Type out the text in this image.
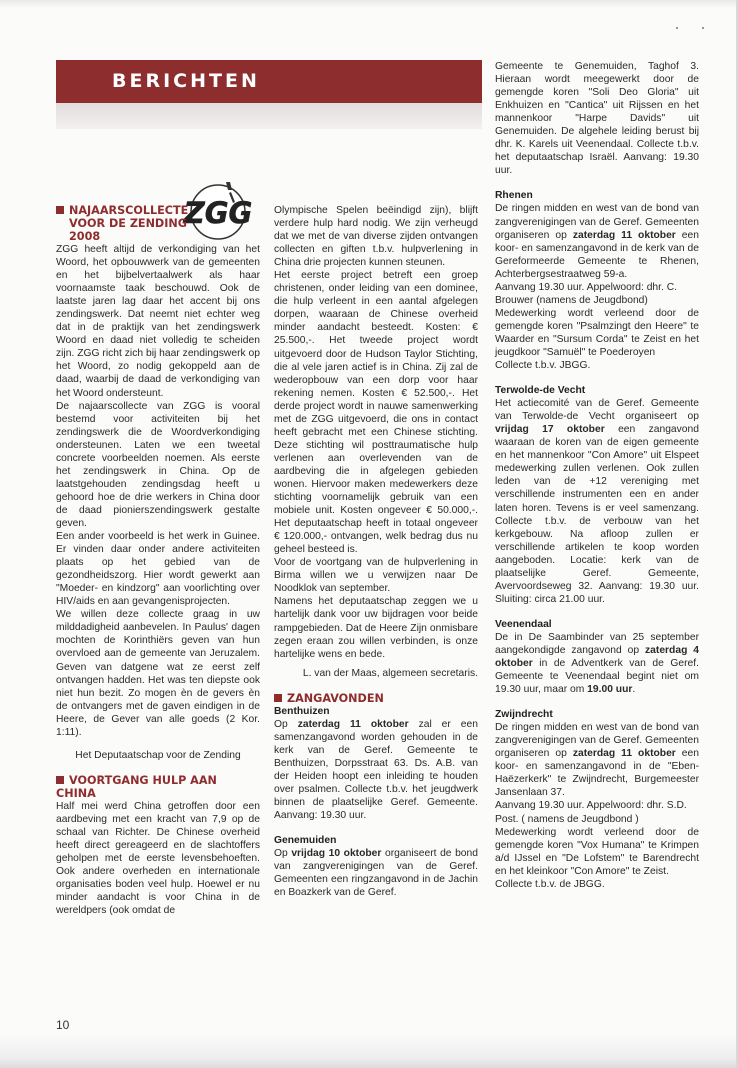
BERICHTEN
ZGG

NAJAARSCOLLECTE
VOOR DE ZENDING
2008

ZGG heeft altijd de verkondiging van het Woord, het opbouwwerk van de gemeenten en het bijbelvertaalwerk als haar voornaamste taak beschouwd. Ook de laatste jaren lag daar het accent bij ons zendingswerk. Dat neemt niet echter weg dat in de praktijk van het zendingswerk Woord en daad niet volledig te scheiden zijn. ZGG richt zich bij haar zendingswerk op het Woord, zo nodig gekoppeld aan de daad, waarbij de daad de verkondiging van het Woord ondersteunt.

De najaarscollecte van ZGG is vooral bestemd voor activiteiten bij het zendingswerk die de Woordverkondiging ondersteunen. Laten we een tweetal concrete voorbeelden noemen. Als eerste het zendingswerk in China. Op de laatstgehouden zendingsdag heeft u gehoord hoe de drie werkers in China door de daad pionierszendingswerk gestalte geven.

Een ander voorbeeld is het werk in Guinee. Er vinden daar onder andere activiteiten plaats op het gebied van de gezondheidszorg. Hier wordt gewerkt aan "Moeder- en kindzorg" aan voorlichting over HIV/aids en aan gevangenisprojecten.

We willen deze collecte graag in uw milddadigheid aanbevelen. In Paulus' dagen mochten de Korinthiërs geven van hun overvloed aan de gemeente van Jeruzalem. Geven van datgene wat ze eerst zelf ontvangen hadden. Het was ten diepste ook niet hun bezit. Zo mogen èn de gevers èn de ontvangers met de gaven eindigen in de Heere, de Gever van alle goeds (2 Kor. 1:11).

Het Deputaatschap voor de Zending

VOORTGANG HULP AAN CHINA

Half mei werd China getroffen door een aardbeving met een kracht van 7,9 op de schaal van Richter. De Chinese overheid heeft direct gereageerd en de slachtoffers geholpen met de eerste levensbehoeften. Ook andere overheden en internationale organisaties boden veel hulp. Hoewel er nu minder aandacht is voor China in de wereldpers (ook omdat de

Olympische Spelen beëindigd zijn), blijft verdere hulp hard nodig. We zijn verheugd dat we met de van diverse zijden ontvangen collecten en giften t.b.v. hulpverlening in China drie projecten kunnen steunen.

Het eerste project betreft een groep christenen, onder leiding van een dominee, die hulp verleent in een aantal afgelegen dorpen, waaraan de Chinese overheid minder aandacht besteedt. Kosten: € 25.500,-. Het tweede project wordt uitgevoerd door de Hudson Taylor Stichting, die al vele jaren actief is in China. Zij zal de wederopbouw van een dorp voor haar rekening nemen. Kosten € 52.500,-. Het derde project wordt in nauwe samenwerking met de ZGG uitgevoerd, die ons in contact heeft gebracht met een Chinese stichting. Deze stichting wil posttraumatische hulp verlenen aan overlevenden van de aardbeving die in afgelegen gebieden wonen. Hiervoor maken medewerkers deze stichting voornamelijk gebruik van een mobiele unit. Kosten ongeveer € 50.000,-. Het deputaatschap heeft in totaal ongeveer € 120.000,- ontvangen, welk bedrag dus nu geheel besteed is.

Voor de voortgang van de hulpverlening in Birma willen we u verwijzen naar De Noodklok van september.

Namens het deputaatschap zeggen we u hartelijk dank voor uw bijdragen voor beide rampgebieden. Dat de Heere Zijn onmisbare zegen eraan zou willen verbinden, is onze hartelijke wens en bede.

L. van der Maas, algemeen secretaris.

ZANGAVONDEN

Benthuizen

Op zaterdag 11 oktober zal er een samenzangavond worden gehouden in de kerk van de Geref. Gemeente te Benthuizen, Dorpsstraat 63. Ds. A.B. van der Heiden hoopt een inleiding te houden over psalmen. Collecte t.b.v. het jeugdwerk binnen de plaatselijke Geref. Gemeente. Aanvang: 19.30 uur.

Genemuiden

Op vrijdag 10 oktober organiseert de bond van zangverenigingen van de Geref. Gemeenten een ringzangavond in de Jachin en Boazkerk van de Geref.

Gemeente te Genemuiden, Taghof 3. Hieraan wordt meegewerkt door de gemengde koren "Soli Deo Gloria" uit Enkhuizen en "Cantica" uit Rijssen en het mannenkoor "Harpe Davids" uit Genemuiden. De algehele leiding berust bij dhr. K. Karels uit Veenendaal. Collecte t.b.v. het deputaatschap Israël. Aanvang: 19.30 uur.

Rhenen

De ringen midden en west van de bond van zangverenigingen van de Geref. Gemeenten organiseren op zaterdag 11 oktober een koor- en samenzangavond in de kerk van de Gereformeerde Gemeente te Rhenen, Achterbergsestraatweg 59-a.

Aanvang 19.30 uur. Appelwoord: dhr. C. Brouwer (namens de Jeugdbond)

Medewerking wordt verleend door de gemengde koren "Psalmzingt den Heere" te Waarder en "Sursum Corda" te Zeist en het jeugdkoor "Samuël" te Poederoyen

Collecte t.b.v. JBGG.

Terwolde-de Vecht

Het actiecomité van de Geref. Gemeente van Terwolde-de Vecht organiseert op vrijdag 17 oktober een zangavond waaraan de koren van de eigen gemeente en het mannenkoor "Con Amore" uit Elspeet medewerking zullen verlenen. Ook zullen leden van de +12 vereniging met verschillende instrumenten een en ander laten horen. Tevens is er veel samenzang. Collecte t.b.v. de verbouw van het kerkgebouw. Na afloop zullen er verschillende artikelen te koop worden aangeboden. Locatie: kerk van de plaatselijke Geref. Gemeente, Avervoordseweg 32. Aanvang: 19.30 uur. Sluiting: circa 21.00 uur.

Veenendaal

De in De Saambinder van 25 september aangekondigde zangavond op zaterdag 4 oktober in de Adventkerk van de Geref. Gemeente te Veenendaal begint niet om 19.30 uur, maar om 19.00 uur.

Zwijndrecht

De ringen midden en west van de bond van zangverenigingen van de Geref. Gemeenten organiseren op zaterdag 11 oktober een koor- en samenzangavond in de "Eben-Haëzerkerk" te Zwijndrecht, Burgemeester Jansenlaan 37.

Aanvang 19.30 uur. Appelwoord: dhr. S.D. Post. ( namens de Jeugdbond )

Medewerking wordt verleend door de gemengde koren "Vox Humana" te Krimpen a/d IJssel en "De Lofstem" te Barendrecht en het kleinkoor "Con Amore" te Zeist.

Collecte t.b.v. de JBGG.

10
